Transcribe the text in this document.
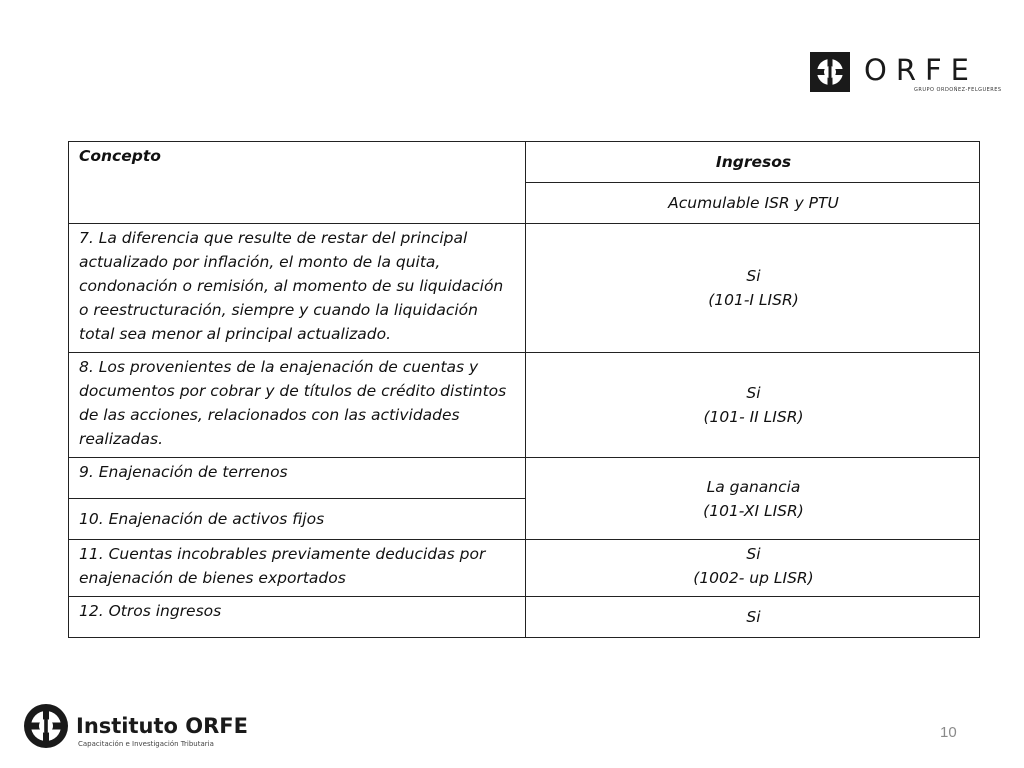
ORFE
GRUPO ORDOÑEZ-FELGUERES
Concepto	Ingresos
	Acumulable ISR y PTU
7. La diferencia que resulte de restar del principal actualizado por inflación, el monto de la quita, condonación o remisión, al momento de su liquidación o reestructuración, siempre y cuando la liquidación total sea menor al principal actualizado.	Si
(101-I LISR)

8. Los provenientes de la enajenación de cuentas y documentos por cobrar y de títulos de crédito distintos de las acciones, relacionados con las actividades realizadas.	Si
(101- II LISR)

9. Enajenación de terrenos	La ganancia
(101-XI LISR)

10. Enajenación de activos fijos	
11. Cuentas incobrables previamente deducidas por enajenación de bienes exportados	Si
(1002- up LISR)

12. Otros ingresos	Si
Instituto ORFE
Capacitación e Investigación Tributaria
10
